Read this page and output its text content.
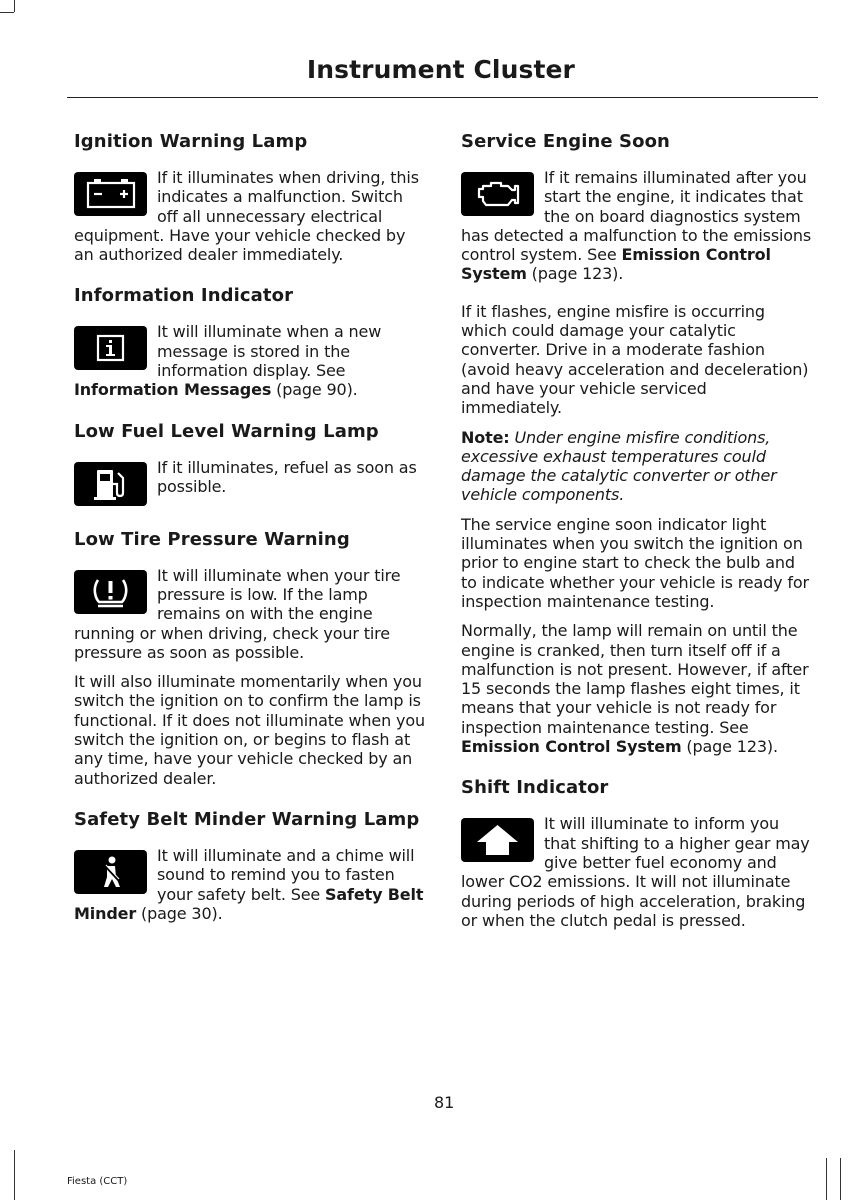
Instrument Cluster
Ignition Warning Lamp

If it illuminates when driving, this indicates a malfunction. Switch off all unnecessary electrical equipment. Have your vehicle checked by an authorized dealer immediately.

Information Indicator

It will illuminate when a new message is stored in the information display. See Information Messages (page 90).

Low Fuel Level Warning Lamp

If it illuminates, refuel as soon as possible.

Low Tire Pressure Warning

It will illuminate when your tire pressure is low. If the lamp remains on with the engine running or when driving, check your tire pressure as soon as possible.

It will also illuminate momentarily when you switch the ignition on to confirm the lamp is functional. If it does not illuminate when you switch the ignition on, or begins to flash at any time, have your vehicle checked by an authorized dealer.

Safety Belt Minder Warning Lamp

It will illuminate and a chime will sound to remind you to fasten your safety belt. See Safety Belt Minder (page 30).

Service Engine Soon

If it remains illuminated after you start the engine, it indicates that the on board diagnostics system has detected a malfunction to the emissions control system. See Emission Control System (page 123).

If it flashes, engine misfire is occurring which could damage your catalytic converter. Drive in a moderate fashion (avoid heavy acceleration and deceleration) and have your vehicle serviced immediately.

Note: Under engine misfire conditions, excessive exhaust temperatures could damage the catalytic converter or other vehicle components.

The service engine soon indicator light illuminates when you switch the ignition on prior to engine start to check the bulb and to indicate whether your vehicle is ready for inspection maintenance testing.

Normally, the lamp will remain on until the engine is cranked, then turn itself off if a malfunction is not present. However, if after 15 seconds the lamp flashes eight times, it means that your vehicle is not ready for inspection maintenance testing. See Emission Control System (page 123).

Shift Indicator

It will illuminate to inform you that shifting to a higher gear may give better fuel economy and lower CO2 emissions. It will not illuminate during periods of high acceleration, braking or when the clutch pedal is pressed.

81
Fiesta (CCT)
